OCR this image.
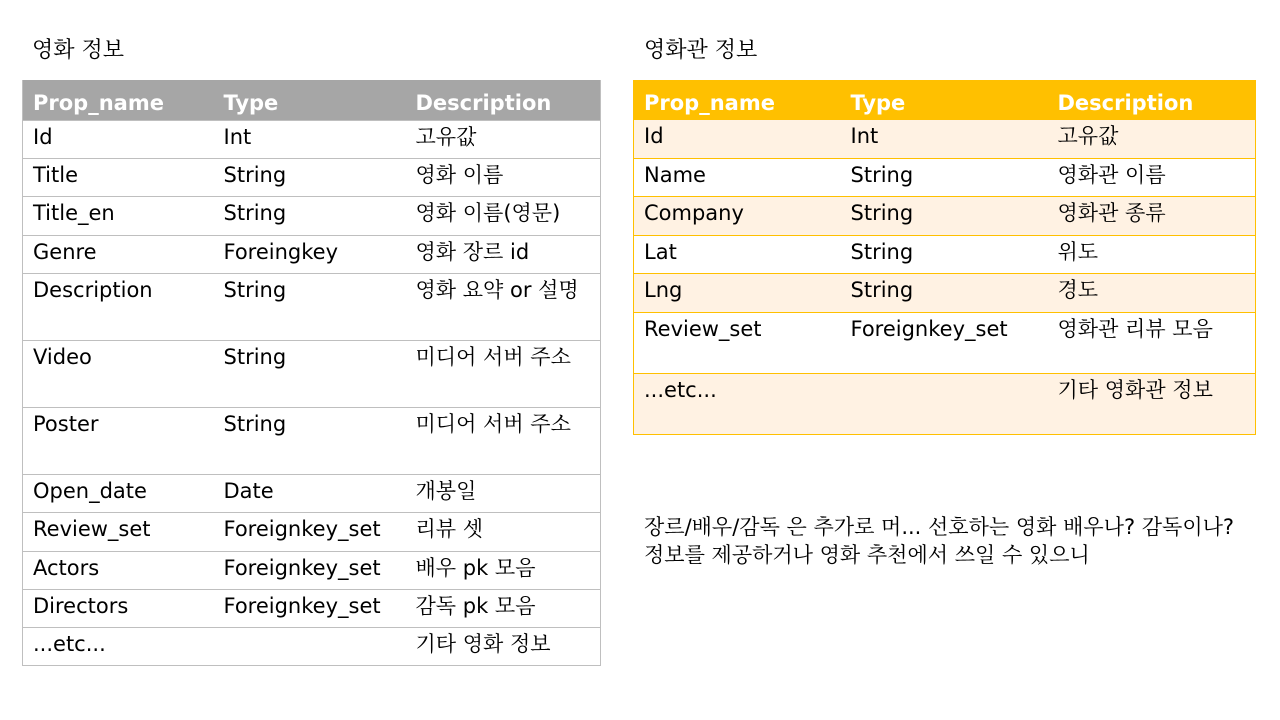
영화 정보	영화관 정보
Prop_name	Type	Description
Id	Int	고유값
Title	String	영화 이름
Title_en	String	영화 이름(영문)
Genre	Foreingkey	영화 장르 id
Description	String	영화 요약 or 설명
Video	String	미디어 서버 주소
Poster	String	미디어 서버 주소
Open_date	Date	개봉일
Review_set	Foreignkey_set	리뷰 셋
Actors	Foreignkey_set	배우 pk 모음
Directors	Foreignkey_set	감독 pk 모음
...etc...		기타 영화 정보
Prop_name	Type	Description
Id	Int	고유값
Name	String	영화관 이름
Company	String	영화관 종류
Lat	String	위도
Lng	String	경도
Review_set	Foreignkey_set	영화관 리뷰 모음
...etc...		기타 영화관 정보

장르/배우/감독 은 추가로 머... 선호하는 영화 배우나? 감독이나? 정보를 제공하거나 영화 추천에서 쓰일 수 있으니
